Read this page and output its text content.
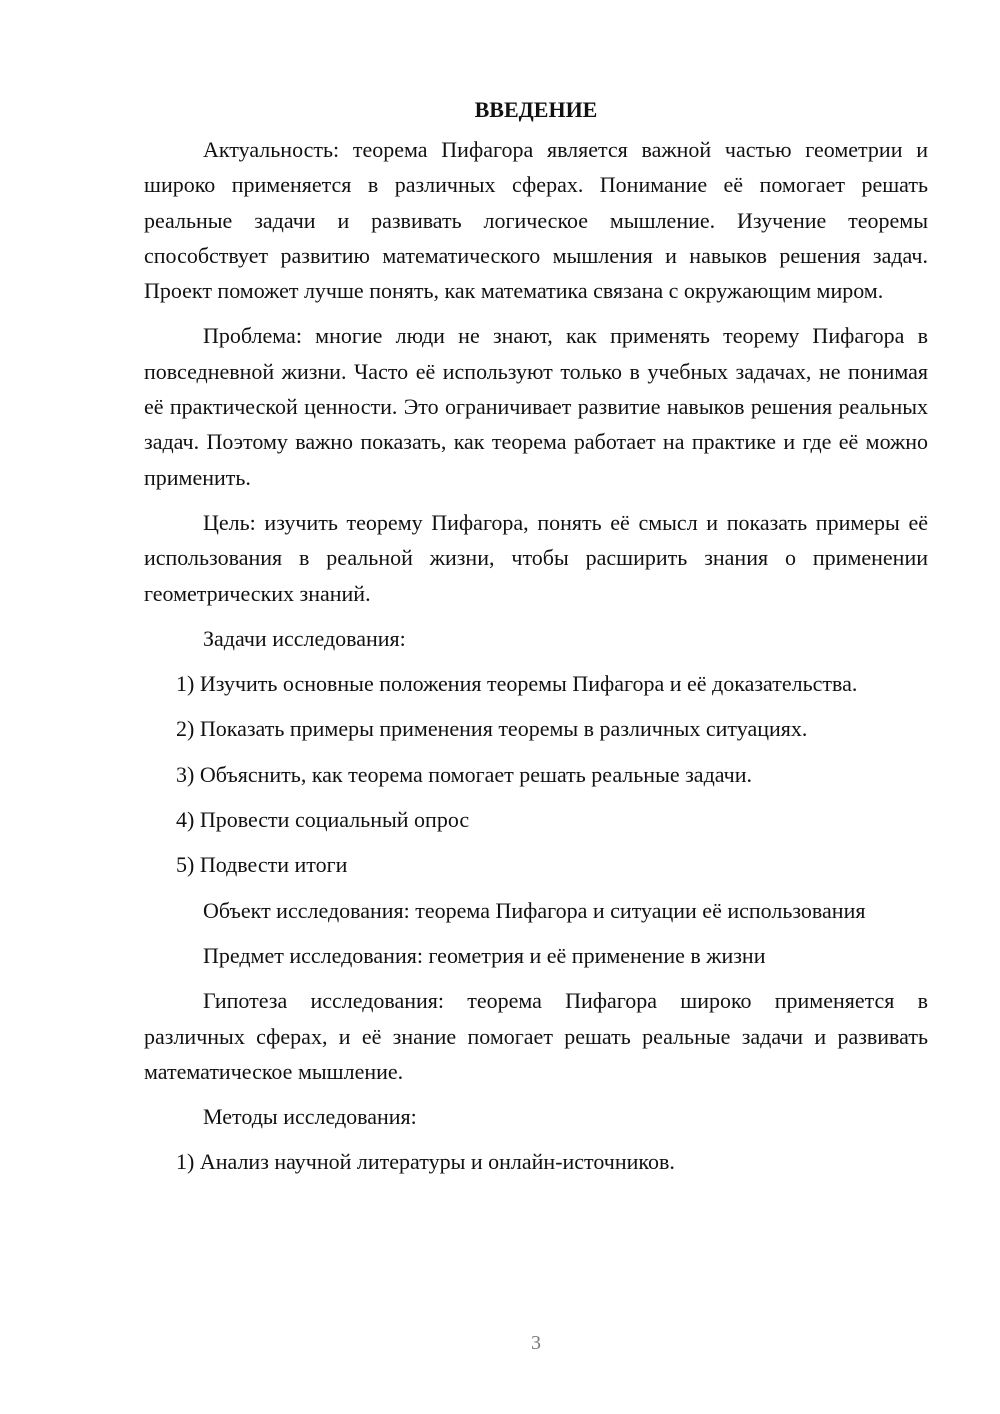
ВВЕДЕНИЕ

Актуальность: теорема Пифагора является важной частью геометрии и широко применяется в различных сферах. Понимание её помогает решать реальные задачи и развивать логическое мышление. Изучение теоремы способствует развитию математического мышления и навыков решения задач. Проект поможет лучше понять, как математика связана с окружающим миром.

Проблема: многие люди не знают, как применять теорему Пифагора в повседневной жизни. Часто её используют только в учебных задачах, не понимая её практической ценности. Это ограничивает развитие навыков решения реальных задач. Поэтому важно показать, как теорема работает на практике и где её можно применить.

Цель: изучить теорему Пифагора, понять её смысл и показать примеры её использования в реальной жизни, чтобы расширить знания о применении геометрических знаний.

Задачи исследования:

1) Изучить основные положения теоремы Пифагора и её доказательства.

2) Показать примеры применения теоремы в различных ситуациях.

3) Объяснить, как теорема помогает решать реальные задачи.

4) Провести социальный опрос

5) Подвести итоги

Объект исследования: теорема Пифагора и ситуации её использования

Предмет исследования: геометрия и её применение в жизни

Гипотеза исследования: теорема Пифагора широко применяется в различных сферах, и её знание помогает решать реальные задачи и развивать математическое мышление.

Методы исследования:

1) Анализ научной литературы и онлайн-источников.

3
